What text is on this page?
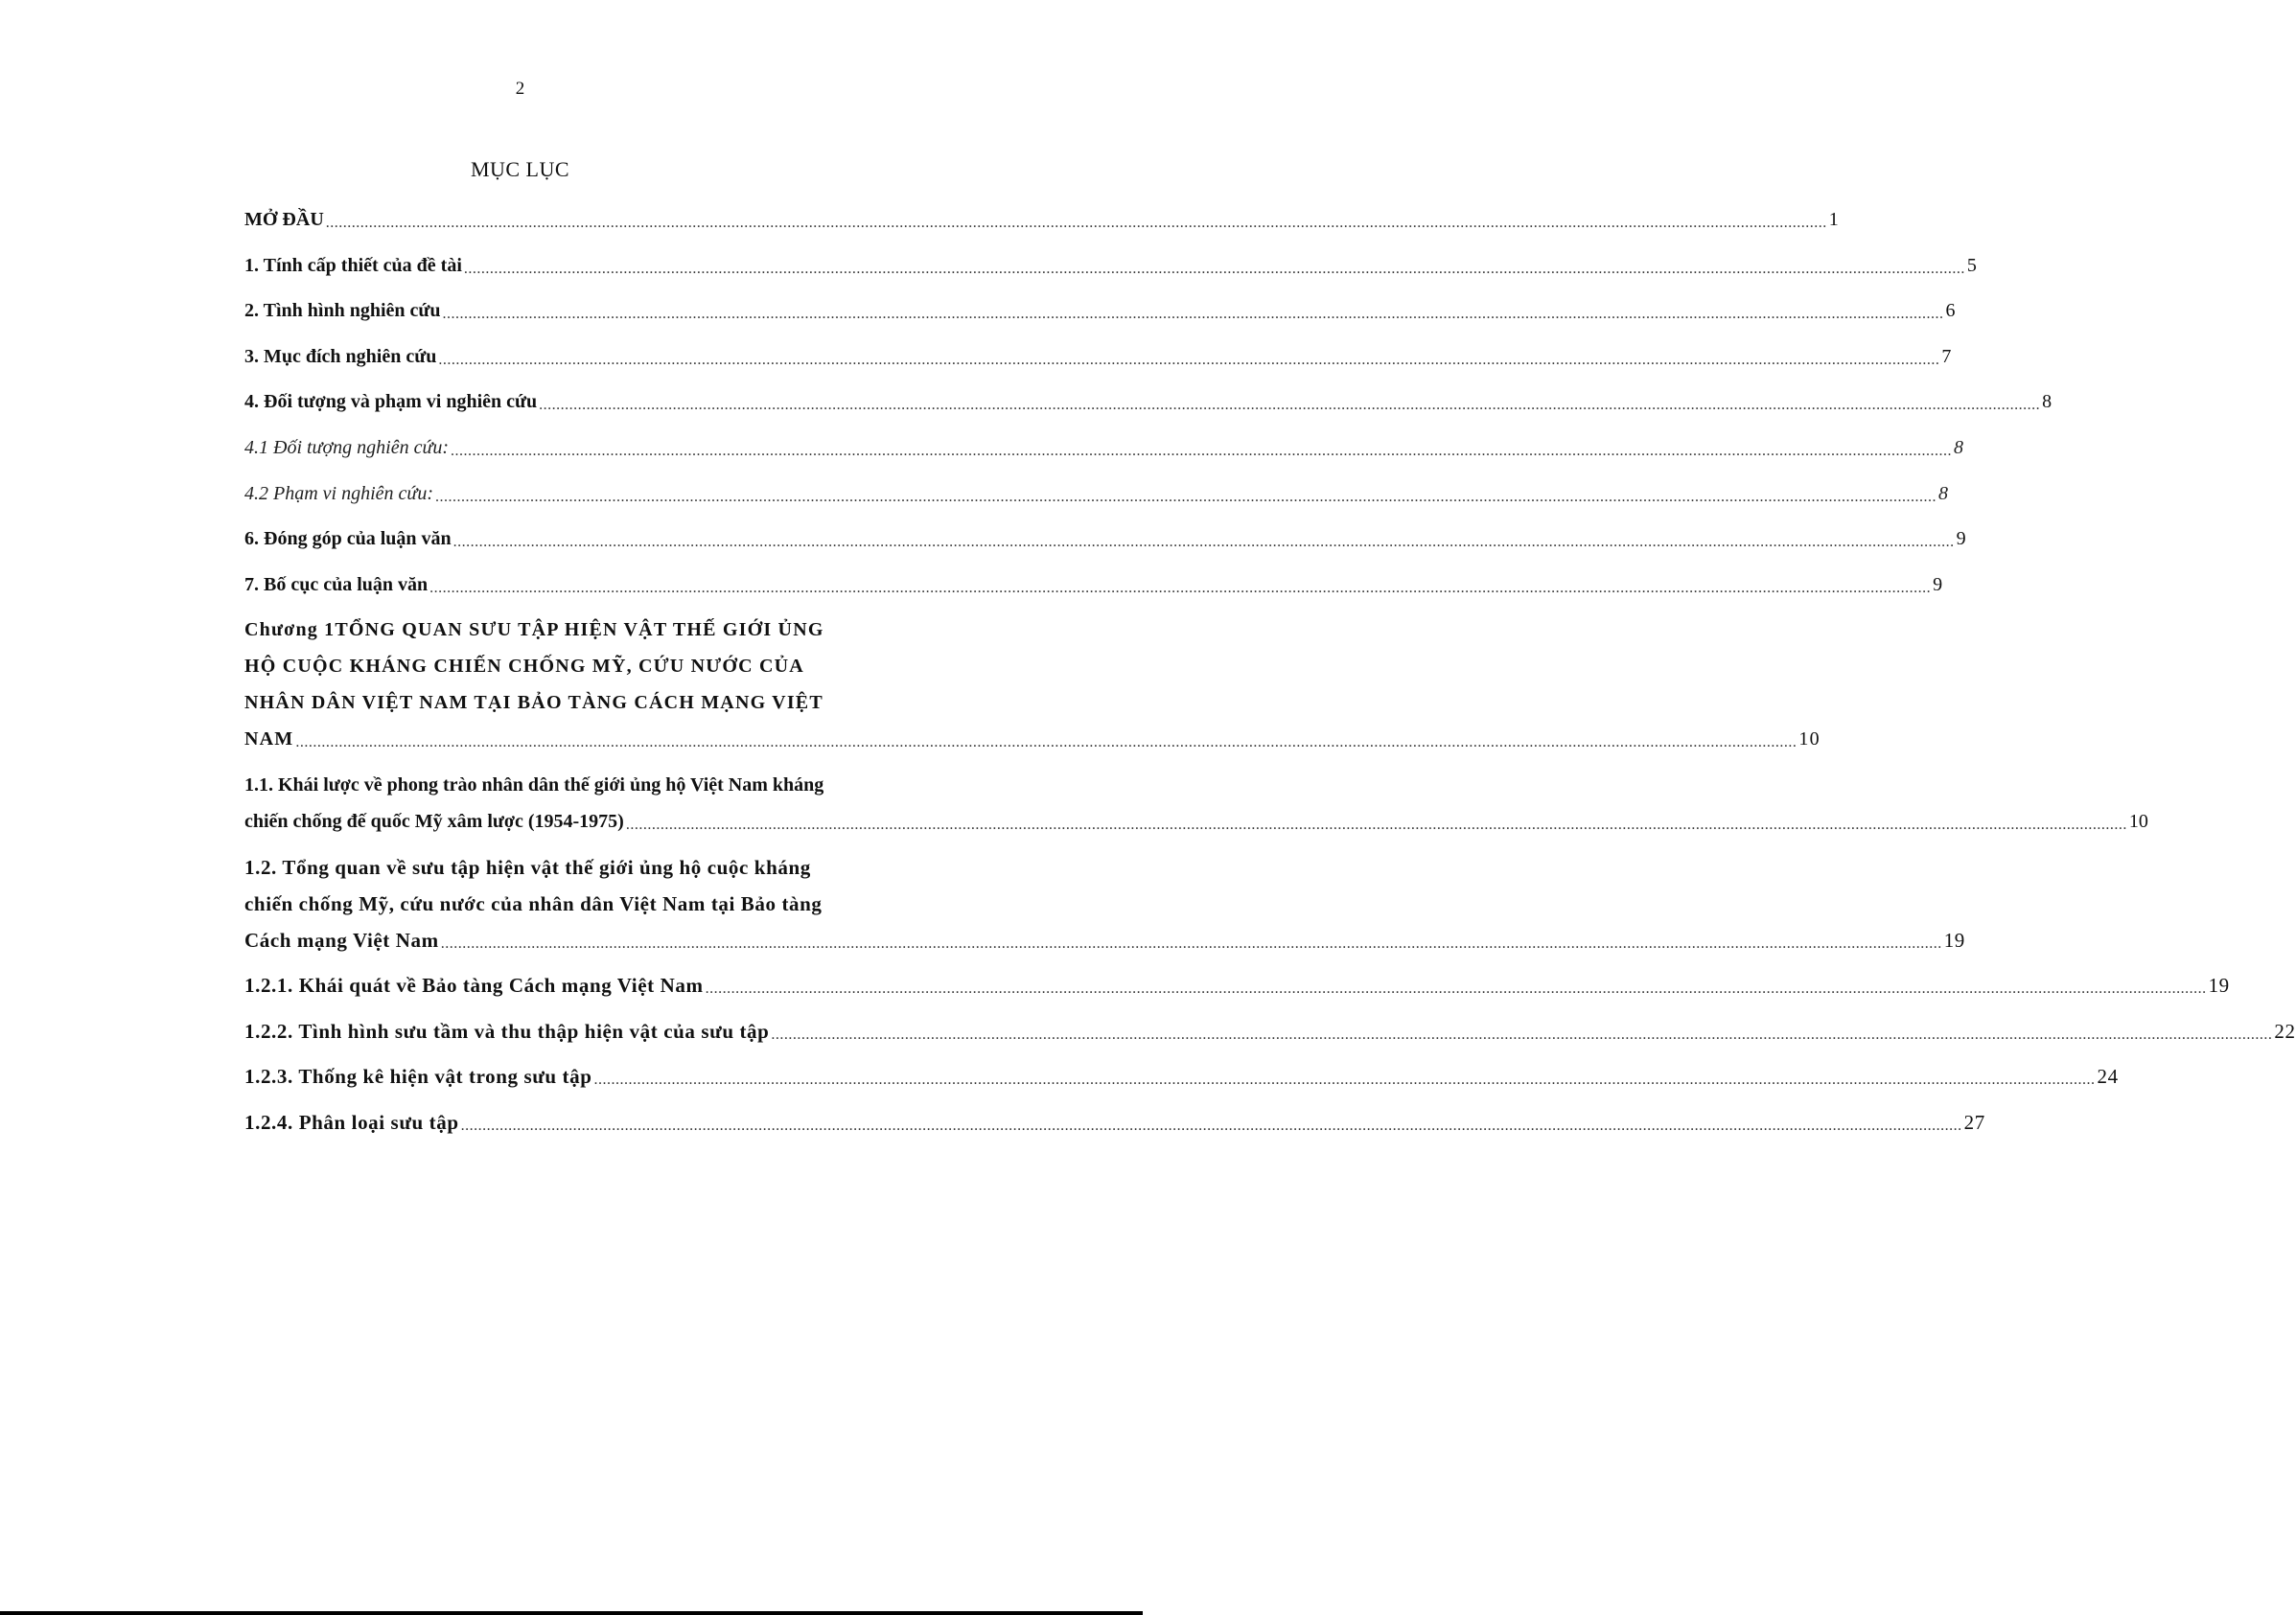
2
MỤC LỤC
MỞ ĐẦU ............................................................................................................................................................................................................................................................................................................................................................ 1
1. Tính cấp thiết của đề tài ............................................................................................................................................................................................................................................................................................................................................................ 5
2. Tình hình nghiên cứu ............................................................................................................................................................................................................................................................................................................................................................ 6
3. Mục đích nghiên cứu ............................................................................................................................................................................................................................................................................................................................................................ 7
4. Đối tượng và phạm vi nghiên cứu ............................................................................................................................................................................................................................................................................................................................................................ 8
4.1 Đối tượng nghiên cứu: ............................................................................................................................................................................................................................................................................................................................................................ 8
4.2 Phạm vi nghiên cứu: ............................................................................................................................................................................................................................................................................................................................................................ 8
6. Đóng góp của luận văn ............................................................................................................................................................................................................................................................................................................................................................ 9
7. Bố cục của luận văn ............................................................................................................................................................................................................................................................................................................................................................ 9
Chương 1TỔNG QUAN SƯU TẬP HIỆN VẬT THẾ GIỚI ỦNG
HỘ CUỘC KHÁNG CHIẾN CHỐNG MỸ, CỨU NƯỚC CỦA
NHÂN DÂN VIỆT NAM TẠI BẢO TÀNG CÁCH MẠNG VIỆT
NAM ............................................................................................................................................................................................................................................................................................................................................................ 10
1.1. Khái lược về phong trào nhân dân thế giới ủng hộ Việt Nam kháng
chiến chống đế quốc Mỹ xâm lược (1954-1975) ............................................................................................................................................................................................................................................................................................................................................................ 10
1.2. Tổng quan về sưu tập hiện vật thế giới ủng hộ cuộc kháng
chiến chống Mỹ, cứu nước của nhân dân Việt Nam tại Bảo tàng
Cách mạng Việt Nam ............................................................................................................................................................................................................................................................................................................................................................ 19
1.2.1. Khái quát về Bảo tàng Cách mạng Việt Nam ............................................................................................................................................................................................................................................................................................................................................................ 19
1.2.2. Tình hình sưu tầm và thu thập hiện vật của sưu tập ............................................................................................................................................................................................................................................................................................................................................................ 22
1.2.3. Thống kê hiện vật trong sưu tập ............................................................................................................................................................................................................................................................................................................................................................ 24
1.2.4. Phân loại sưu tập ............................................................................................................................................................................................................................................................................................................................................................ 27
